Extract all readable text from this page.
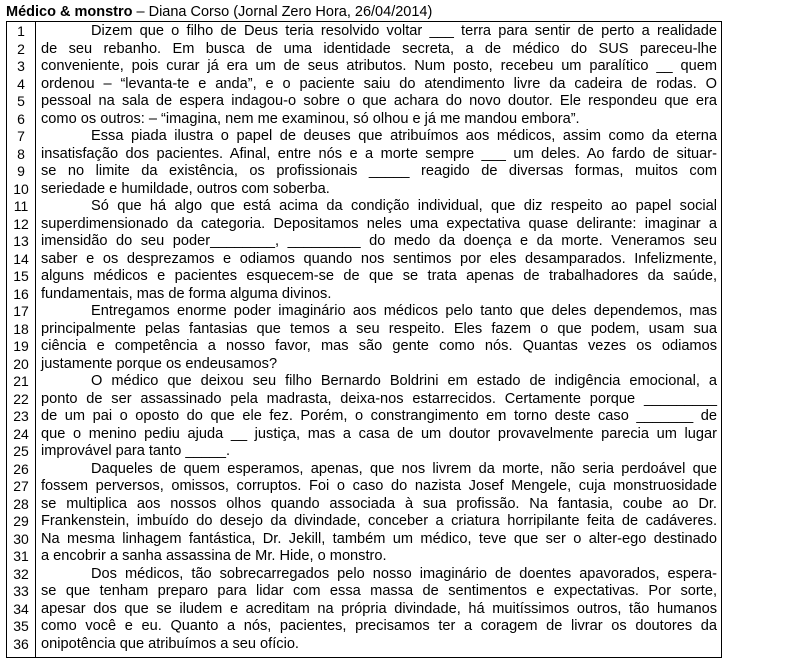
Médico & monstro – Diana Corso (Jornal Zero Hora, 26/04/2014)
1
2
3
4
5
6
7
8
9
10
11
12
13
14
15
16
17
18
19
20
21
22
23
24
25
26
27
28
29
30
31
32
33
34
35
36
Dizem que o filho de Deus teria resolvido voltar ___ terra para sentir de perto a realidade
de seu rebanho. Em busca de uma identidade secreta, a de médico do SUS pareceu-lhe
conveniente, pois curar já era um de seus atributos. Num posto, recebeu um paralítico __ quem
ordenou – “levanta-te e anda”, e o paciente saiu do atendimento livre da cadeira de rodas. O
pessoal na sala de espera indagou-o sobre o que achara do novo doutor. Ele respondeu que era
como os outros: – “imagina, nem me examinou, só olhou e já me mandou embora”.
Essa piada ilustra o papel de deuses que atribuímos aos médicos, assim como da eterna
insatisfação dos pacientes. Afinal, entre nós e a morte sempre ___ um deles. Ao fardo de situar-
se no limite da existência, os profissionais _____ reagido de diversas formas, muitos com
seriedade e humildade, outros com soberba.
Só que há algo que está acima da condição individual, que diz respeito ao papel social
superdimensionado da categoria. Depositamos neles uma expectativa quase delirante: imaginar a
imensidão do seu poder________, _________ do medo da doença e da morte. Veneramos seu
saber e os desprezamos e odiamos quando nos sentimos por eles desamparados. Infelizmente,
alguns médicos e pacientes esquecem-se de que se trata apenas de trabalhadores da saúde,
fundamentais, mas de forma alguma divinos.
Entregamos enorme poder imaginário aos médicos pelo tanto que deles dependemos, mas
principalmente pelas fantasias que temos a seu respeito. Eles fazem o que podem, usam sua
ciência e competência a nosso favor, mas são gente como nós. Quantas vezes os odiamos
justamente porque os endeusamos?
O médico que deixou seu filho Bernardo Boldrini em estado de indigência emocional, a
ponto de ser assassinado pela madrasta, deixa-nos estarrecidos. Certamente porque _________
de um pai o oposto do que ele fez. Porém, o constrangimento em torno deste caso _______ de
que o menino pediu ajuda __ justiça, mas a casa de um doutor provavelmente parecia um lugar
improvável para tanto _____.
Daqueles de quem esperamos, apenas, que nos livrem da morte, não seria perdoável que
fossem perversos, omissos, corruptos. Foi o caso do nazista Josef Mengele, cuja monstruosidade
se multiplica aos nossos olhos quando associada à sua profissão. Na fantasia, coube ao Dr.
Frankenstein, imbuído do desejo da divindade, conceber a criatura horripilante feita de cadáveres.
Na mesma linhagem fantástica, Dr. Jekill, também um médico, teve que ser o alter-ego destinado
a encobrir a sanha assassina de Mr. Hide, o monstro.
Dos médicos, tão sobrecarregados pelo nosso imaginário de doentes apavorados, espera-
se que tenham preparo para lidar com essa massa de sentimentos e expectativas. Por sorte,
apesar dos que se iludem e acreditam na própria divindade, há muitíssimos outros, tão humanos
como você e eu. Quanto a nós, pacientes, precisamos ter a coragem de livrar os doutores da
onipotência que atribuímos a seu ofício.
